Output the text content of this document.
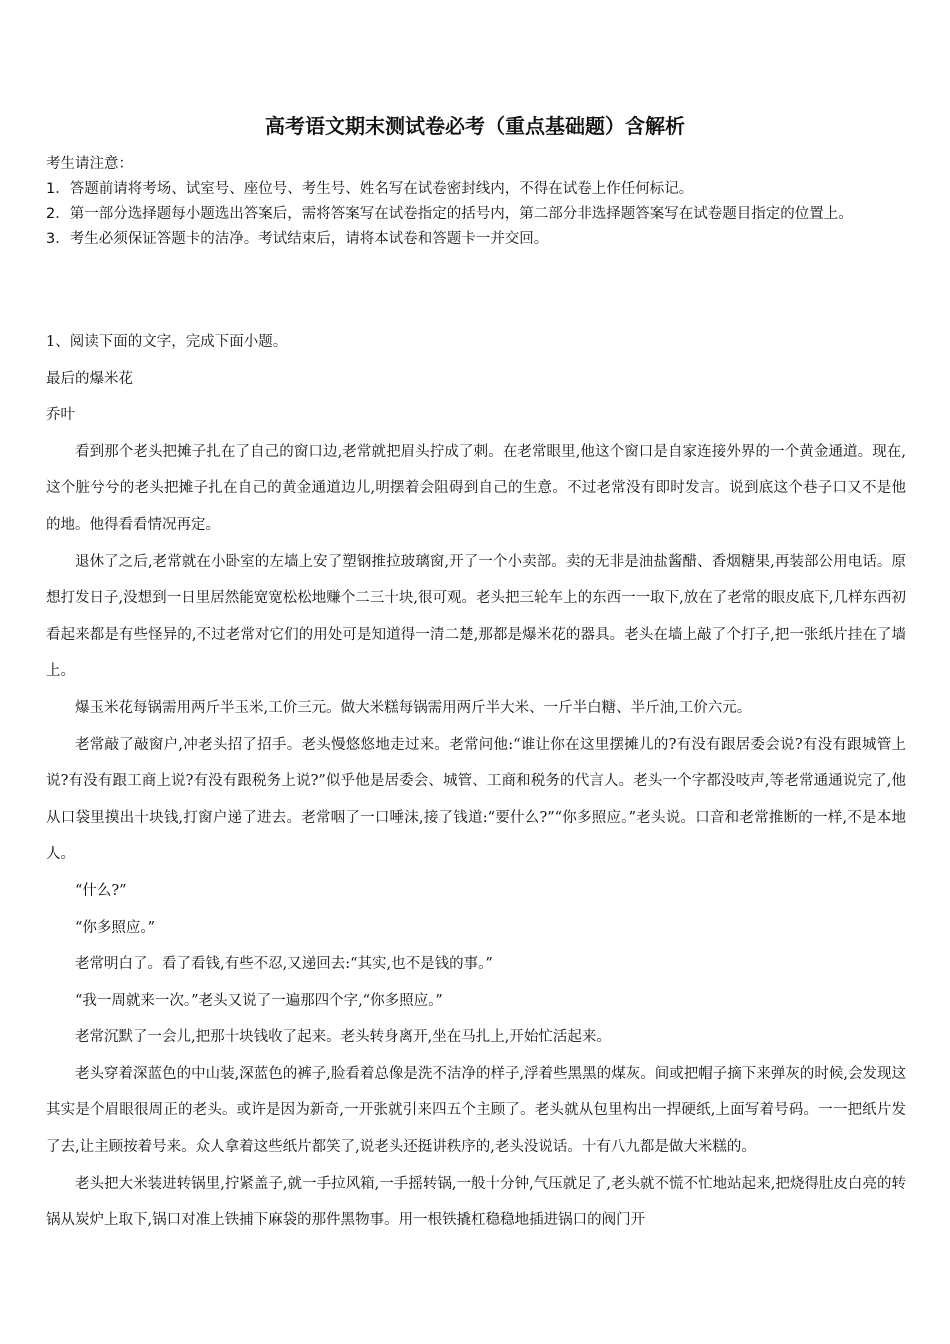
高考语文期末测试卷必考（重点基础题）含解析

考生请注意：

1．答题前请将考场、试室号、座位号、考生号、姓名写在试卷密封线内，不得在试卷上作任何标记。

2．第一部分选择题每小题选出答案后，需将答案写在试卷指定的括号内，第二部分非选择题答案写在试卷题目指定的位置上。

3．考生必须保证答题卡的洁净。考试结束后，请将本试卷和答题卡一并交回。

1、阅读下面的文字，完成下面小题。

最后的爆米花

乔叶

看到那个老头把摊子扎在了自己的窗口边,老常就把眉头拧成了刺。在老常眼里,他这个窗口是自家连接外界的一个黄金通道。现在,这个脏兮兮的老头把摊子扎在自己的黄金通道边儿,明摆着会阻碍到自己的生意。不过老常没有即时发言。说到底这个巷子口又不是他的地。他得看看情况再定。

退休了之后,老常就在小卧室的左墙上安了塑钢推拉玻璃窗,开了一个小卖部。卖的无非是油盐酱醋、香烟糖果,再装部公用电话。原想打发日子,没想到一日里居然能宽宽松松地赚个二三十块,很可观。老头把三轮车上的东西一一取下,放在了老常的眼皮底下,几样东西初看起来都是有些怪异的,不过老常对它们的用处可是知道得一清二楚,那都是爆米花的器具。老头在墙上敲了个打子,把一张纸片挂在了墙上。

爆玉米花每锅需用两斤半玉米,工价三元。做大米糕每锅需用两斤半大米、一斤半白糖、半斤油,工价六元。

老常敲了敲窗户,冲老头招了招手。老头慢悠悠地走过来。老常问他:“谁让你在这里摆摊儿的?有没有跟居委会说?有没有跟城管上说?有没有跟工商上说?有没有跟税务上说?”似乎他是居委会、城管、工商和税务的代言人。老头一个字都没吱声,等老常通通说完了,他从口袋里摸出十块钱,打窗户递了进去。老常咽了一口唾沫,接了钱道:“要什么?”“你多照应。”老头说。口音和老常推断的一样,不是本地人。

“什么?”

“你多照应。”

老常明白了。看了看钱,有些不忍,又递回去:“其实,也不是钱的事。”

“我一周就来一次。”老头又说了一遍那四个字,“你多照应。”

老常沉默了一会儿,把那十块钱收了起来。老头转身离开,坐在马扎上,开始忙活起来。

老头穿着深蓝色的中山装,深蓝色的裤子,脸看着总像是洗不洁净的样子,浮着些黑黑的煤灰。间或把帽子摘下来弹灰的时候,会发现这其实是个眉眼很周正的老头。或许是因为新奇,一开张就引来四五个主顾了。老头就从包里构出一捍硬纸,上面写着号码。一一把纸片发了去,让主顾按着号来。众人拿着这些纸片都笑了,说老头还挺讲秩序的,老头没说话。十有八九都是做大米糕的。

老头把大米装进转锅里,拧紧盖子,就一手拉风箱,一手摇转锅,一般十分钟,气压就足了,老头就不慌不忙地站起来,把烧得肚皮白亮的转锅从炭炉上取下,锅口对准上铁捕下麻袋的那件黑物事。用一根铁撬杠稳稳地插进锅口的阀门开
